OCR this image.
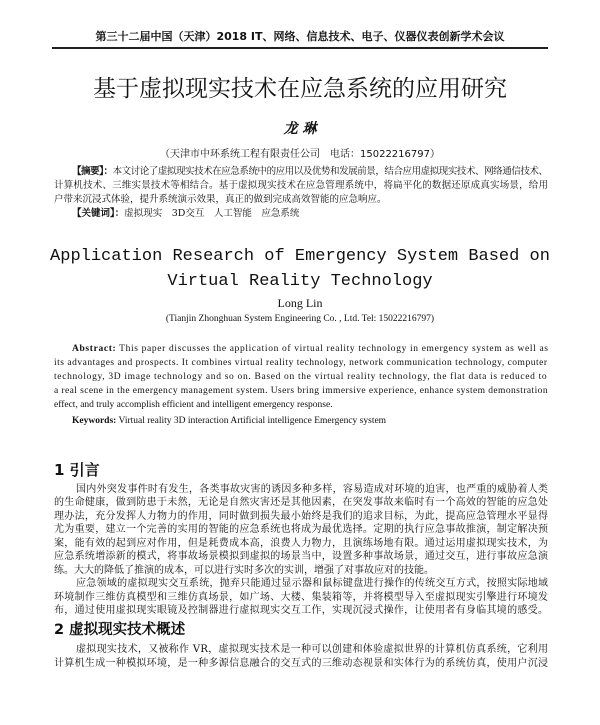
第三十二届中国（天津）2018 IT、网络、信息技术、电子、仪器仪表创新学术会议
基于虚拟现实技术在应急系统的应用研究
龙 琳
（天津市中环系统工程有限责任公司　电话：15022216797）
【摘要】：本文讨论了虚拟现实技术在应急系统中的应用以及优势和发展前景，结合应用虚拟现实技术、网络通信技术、
计算机技术、三维实景技术等相结合。基于虚拟现实技术在应急管理系统中，将扁平化的数据还原成真实场景，给用
户带来沉浸式体验，提升系统演示效果，真正的做到完成高效智能的应急响应。
【关键词】：虚拟现实　3D交互　人工智能　应急系统
Application Research of Emergency System Based on
Virtual Reality Technology
Long Lin
(Tianjin Zhonghuan System Engineering Co. , Ltd. Tel: 15022216797)
Abstract: This paper discusses the application of virtual reality technology in emergency system as well as
its advantages and prospects. It combines virtual reality technology, network communication technology, computer
technology, 3D image technology and so on. Based on the virtual reality technology, the flat data is reduced to
a real scene in the emergency management system. Users bring immersive experience, enhance system demonstration
effect, and truly accomplish efficient and intelligent emergency response.
Keywords: Virtual reality 3D interaction Artificial intelligence Emergency system
1 引言
国内外突发事件时有发生，各类事故灾害的诱因多种多样，容易造成对环境的迫害，也严重的威胁着人类
的生命健康，做到防患于未然，无论是自然灾害还是其他因素，在突发事故来临时有一个高效的智能的应急处
理办法，充分发挥人力物力的作用，同时做到损失最小始终是我们的追求目标，为此，提高应急管理水平显得
尤为重要，建立一个完善的实用的智能的应急系统也将成为最优选择。定期的执行应急事故推演，制定解决预
案，能有效的起到应对作用，但是耗费成本高，浪费人力物力，且演练场地有限。通过运用虚拟现实技术，为
应急系统增添新的模式，将事故场景模拟到虚拟的场景当中，设置多种事故场景，通过交互，进行事故应急演
练。大大的降低了推演的成本，可以进行实时多次的实训，增强了对事故应对的技能。
应急领域的虚拟现实交互系统，抛弃只能通过显示器和鼠标键盘进行操作的传统交互方式，按照实际地域
环境制作三维仿真模型和三维仿真场景，如广场、大楼、集装箱等，并将模型导入至虚拟现实引擎进行环境发
布，通过使用虚拟现实眼镜及控制器进行虚拟现实交互工作，实现沉浸式操作，让使用者有身临其境的感受。
2 虚拟现实技术概述
虚拟现实技术，又被称作 VR，虚拟现实技术是一种可以创建和体验虚拟世界的计算机仿真系统，它利用
计算机生成一种模拟环境，是一种多源信息融合的交互式的三维动态视景和实体行为的系统仿真，使用户沉浸
